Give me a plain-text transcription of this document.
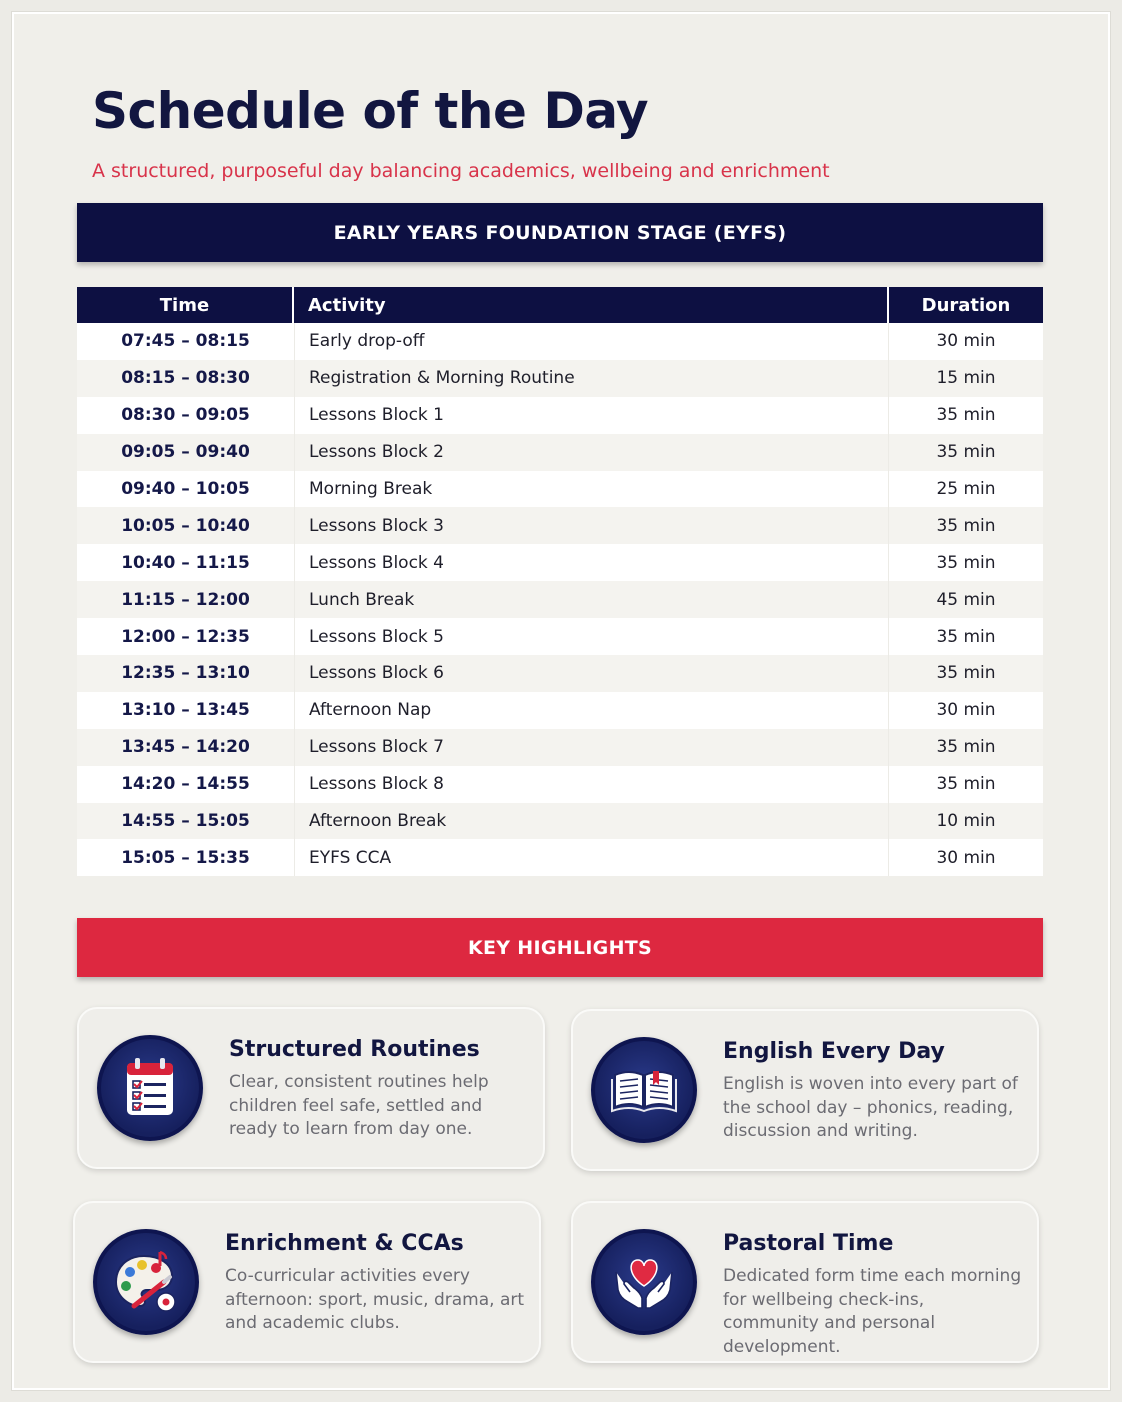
Schedule of the Day
A structured, purposeful day balancing academics, wellbeing and enrichment
EARLY YEARS FOUNDATION STAGE (EYFS)
Time	Activity	Duration
07:45 – 08:15	Early drop-off	30 min
08:15 – 08:30	Registration & Morning Routine	15 min
08:30 – 09:05	Lessons Block 1	35 min
09:05 – 09:40	Lessons Block 2	35 min
09:40 – 10:05	Morning Break	25 min
10:05 – 10:40	Lessons Block 3	35 min
10:40 – 11:15	Lessons Block 4	35 min
11:15 – 12:00	Lunch Break	45 min
12:00 – 12:35	Lessons Block 5	35 min
12:35 – 13:10	Lessons Block 6	35 min
13:10 – 13:45	Afternoon Nap	30 min
13:45 – 14:20	Lessons Block 7	35 min
14:20 – 14:55	Lessons Block 8	35 min
14:55 – 15:05	Afternoon Break	10 min
15:05 – 15:35	EYFS CCA	30 min
KEY HIGHLIGHTS
Structured Routines
Clear, consistent routines help children feel safe, settled and ready to learn from day one.
English Every Day
English is woven into every part of the school day – phonics, reading, discussion and writing.
Enrichment & CCAs
Co-curricular activities every afternoon: sport, music, drama, art and academic clubs.
Pastoral Time
Dedicated form time each morning for wellbeing check-ins, community and personal development.
